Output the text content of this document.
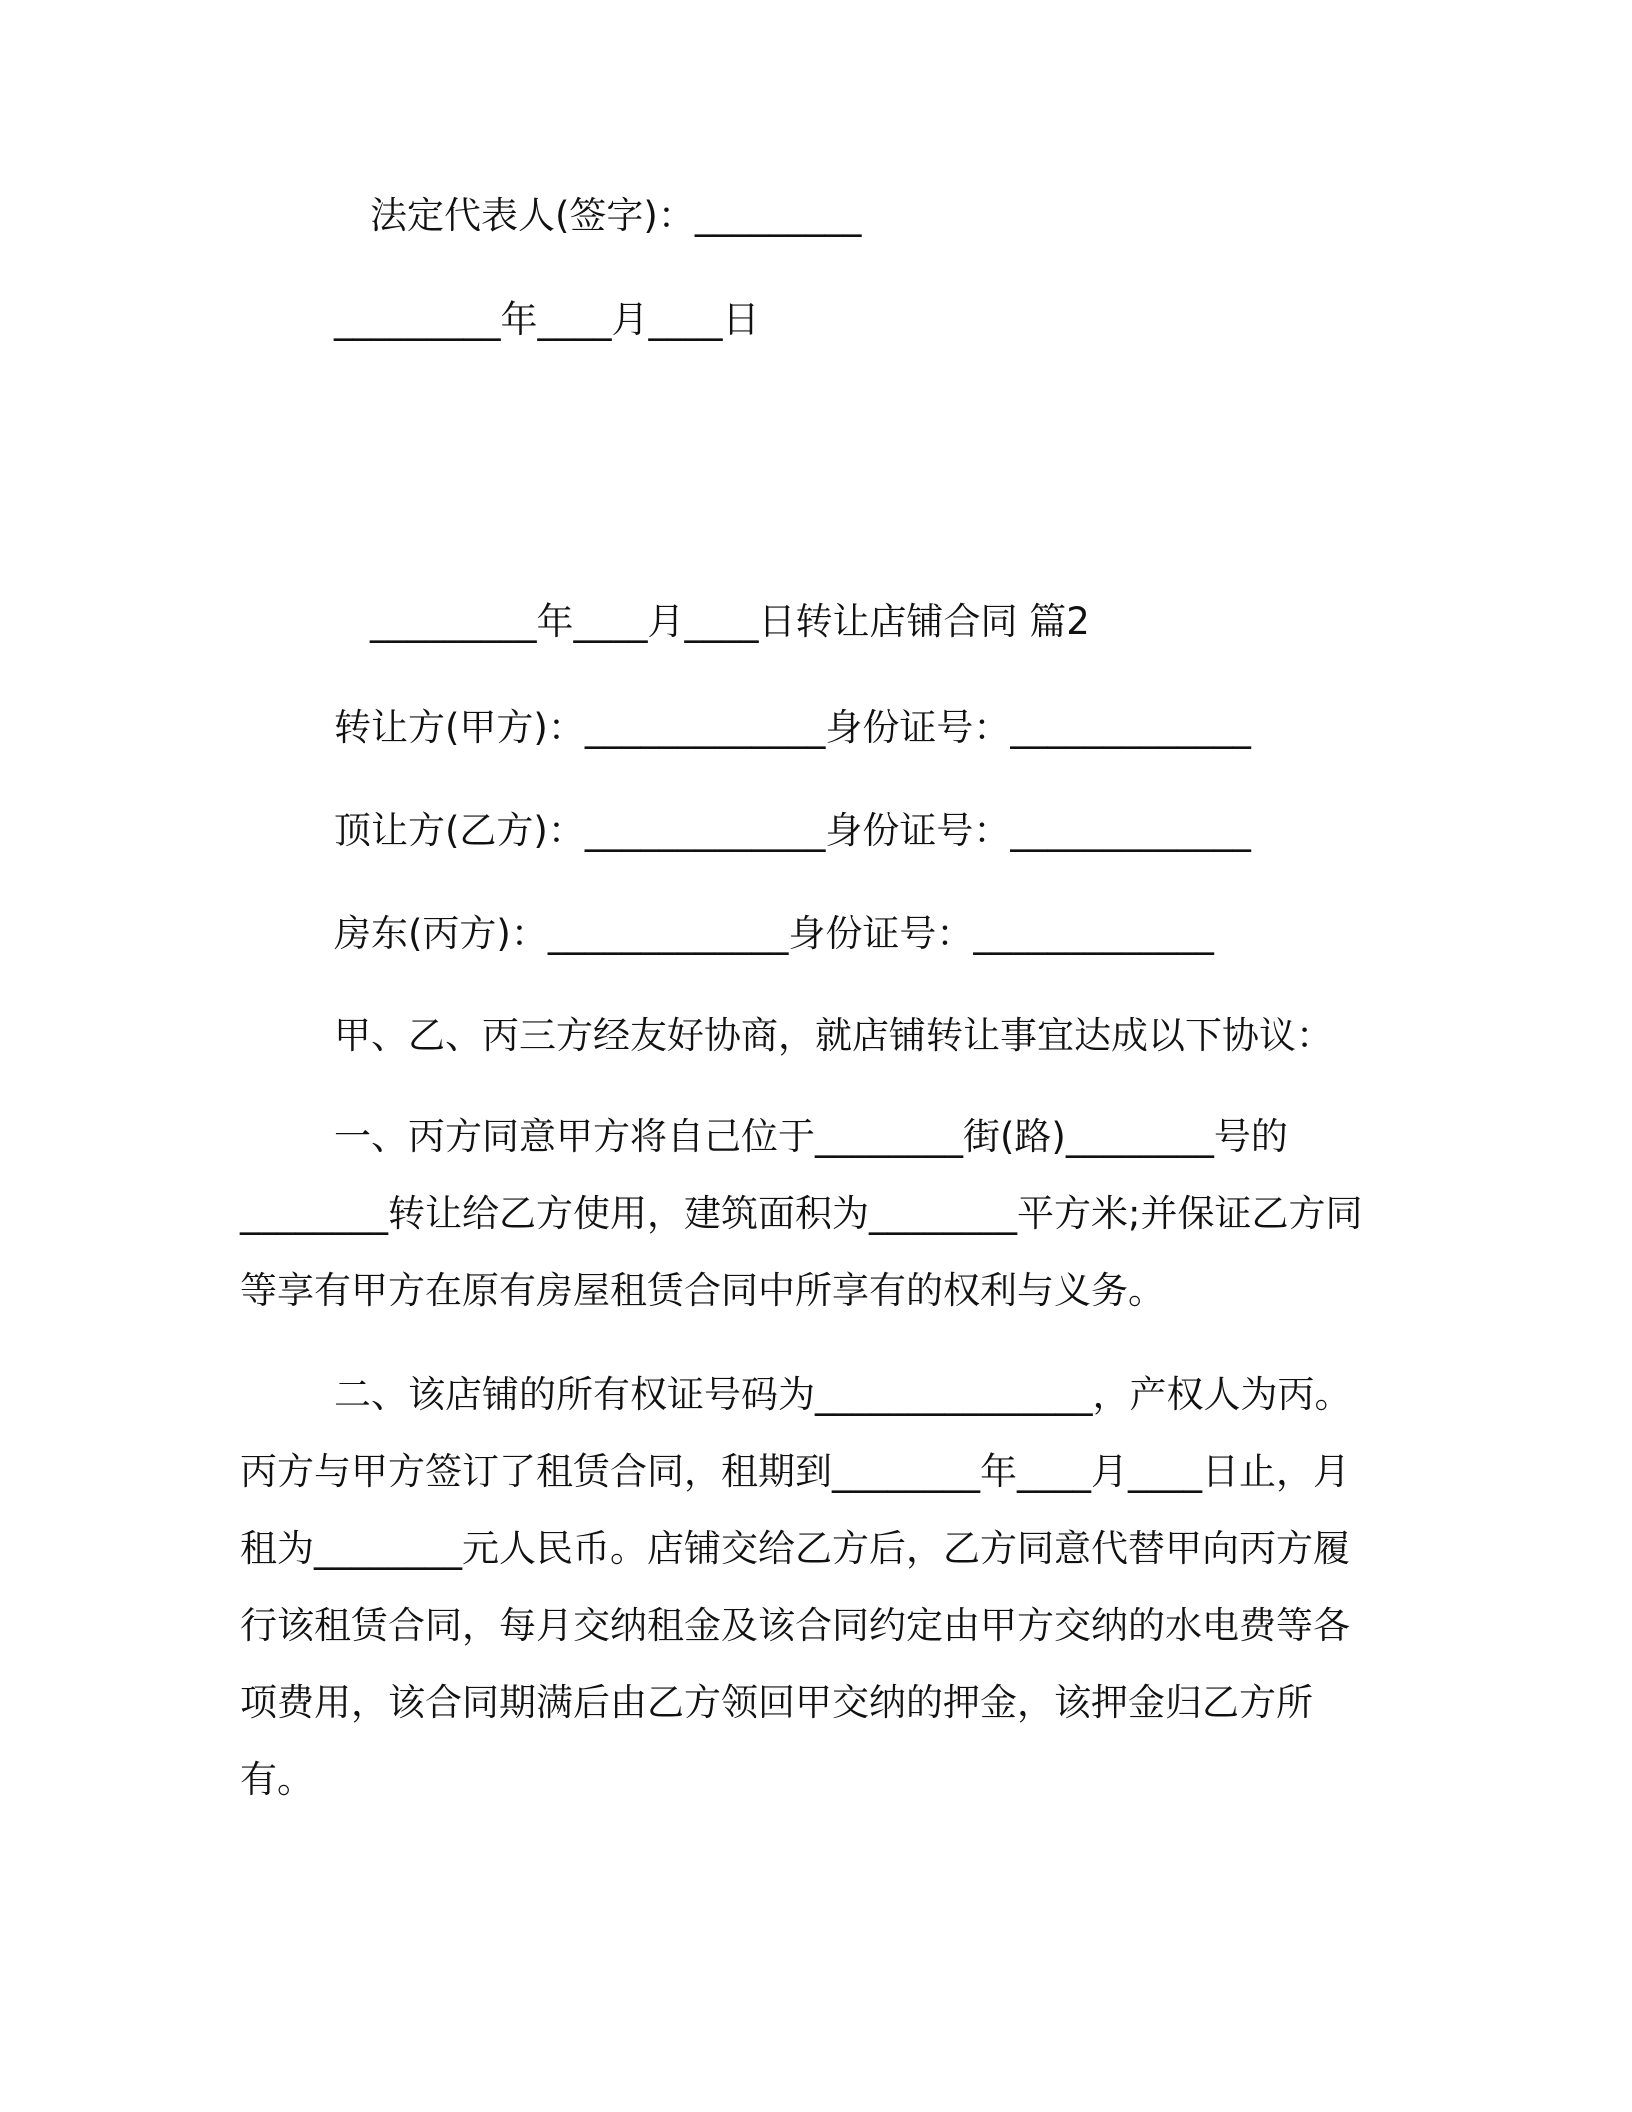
法定代表人(签字)：_________

_________年____月____日

_________年____月____日转让店铺合同 篇2

转让方(甲方)：_____________身份证号：_____________

顶让方(乙方)：_____________身份证号：_____________

房东(丙方)：_____________身份证号：_____________

甲、乙、丙三方经友好协商，就店铺转让事宜达成以下协议：

一、丙方同意甲方将自己位于________街(路)________号的________转让给乙方使用，建筑面积为________平方米;并保证乙方同等享有甲方在原有房屋租赁合同中所享有的权利与义务。

二、该店铺的所有权证号码为_______________，产权人为丙。丙方与甲方签订了租赁合同，租期到________年____月____日止，月租为________元人民币。店铺交给乙方后，乙方同意代替甲向丙方履行该租赁合同，每月交纳租金及该合同约定由甲方交纳的水电费等各项费用，该合同期满后由乙方领回甲交纳的押金，该押金归乙方所有。
